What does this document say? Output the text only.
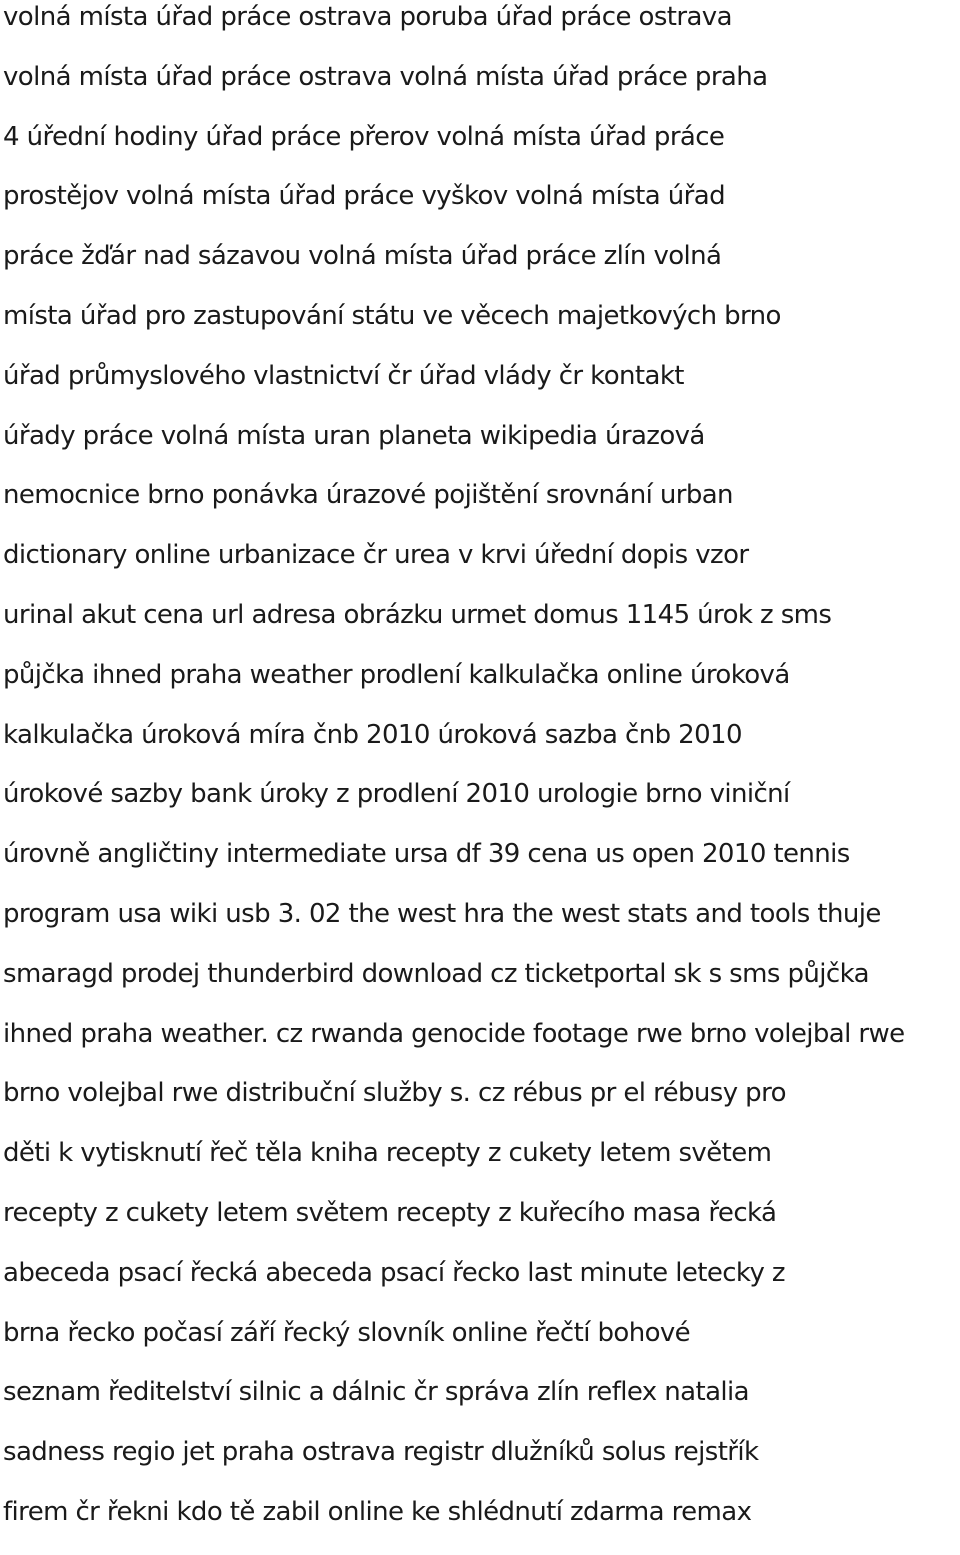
volná místa úřad práce ostrava poruba úřad práce ostrava
volná místa úřad práce ostrava volná místa úřad práce praha
4 úřední hodiny úřad práce přerov volná místa úřad práce
prostějov volná místa úřad práce vyškov volná místa úřad
práce žďár nad sázavou volná místa úřad práce zlín volná
místa úřad pro zastupování státu ve věcech majetkových brno
úřad průmyslového vlastnictví čr úřad vlády čr kontakt
úřady práce volná místa uran planeta wikipedia úrazová
nemocnice brno ponávka úrazové pojištění srovnání urban
dictionary online urbanizace čr urea v krvi úřední dopis vzor
urinal akut cena url adresa obrázku urmet domus 1145 úrok z sms
půjčka ihned praha weather prodlení kalkulačka online úroková
kalkulačka úroková míra čnb 2010 úroková sazba čnb 2010
úrokové sazby bank úroky z prodlení 2010 urologie brno viniční
úrovně angličtiny intermediate ursa df 39 cena us open 2010 tennis
program usa wiki usb 3. 02 the west hra the west stats and tools thuje
smaragd prodej thunderbird download cz ticketportal sk s sms půjčka
ihned praha weather. cz rwanda genocide footage rwe brno volejbal rwe
brno volejbal rwe distribuční služby s. cz rébus pr el rébusy pro
děti k vytisknutí řeč těla kniha recepty z cukety letem světem
recepty z cukety letem světem recepty z kuřecího masa řecká
abeceda psací řecká abeceda psací řecko last minute letecky z
brna řecko počasí září řecký slovník online řečtí bohové
seznam ředitelství silnic a dálnic čr správa zlín reflex natalia
sadness regio jet praha ostrava registr dlužníků solus rejstřík
firem čr řekni kdo tě zabil online ke shlédnutí zdarma remax
